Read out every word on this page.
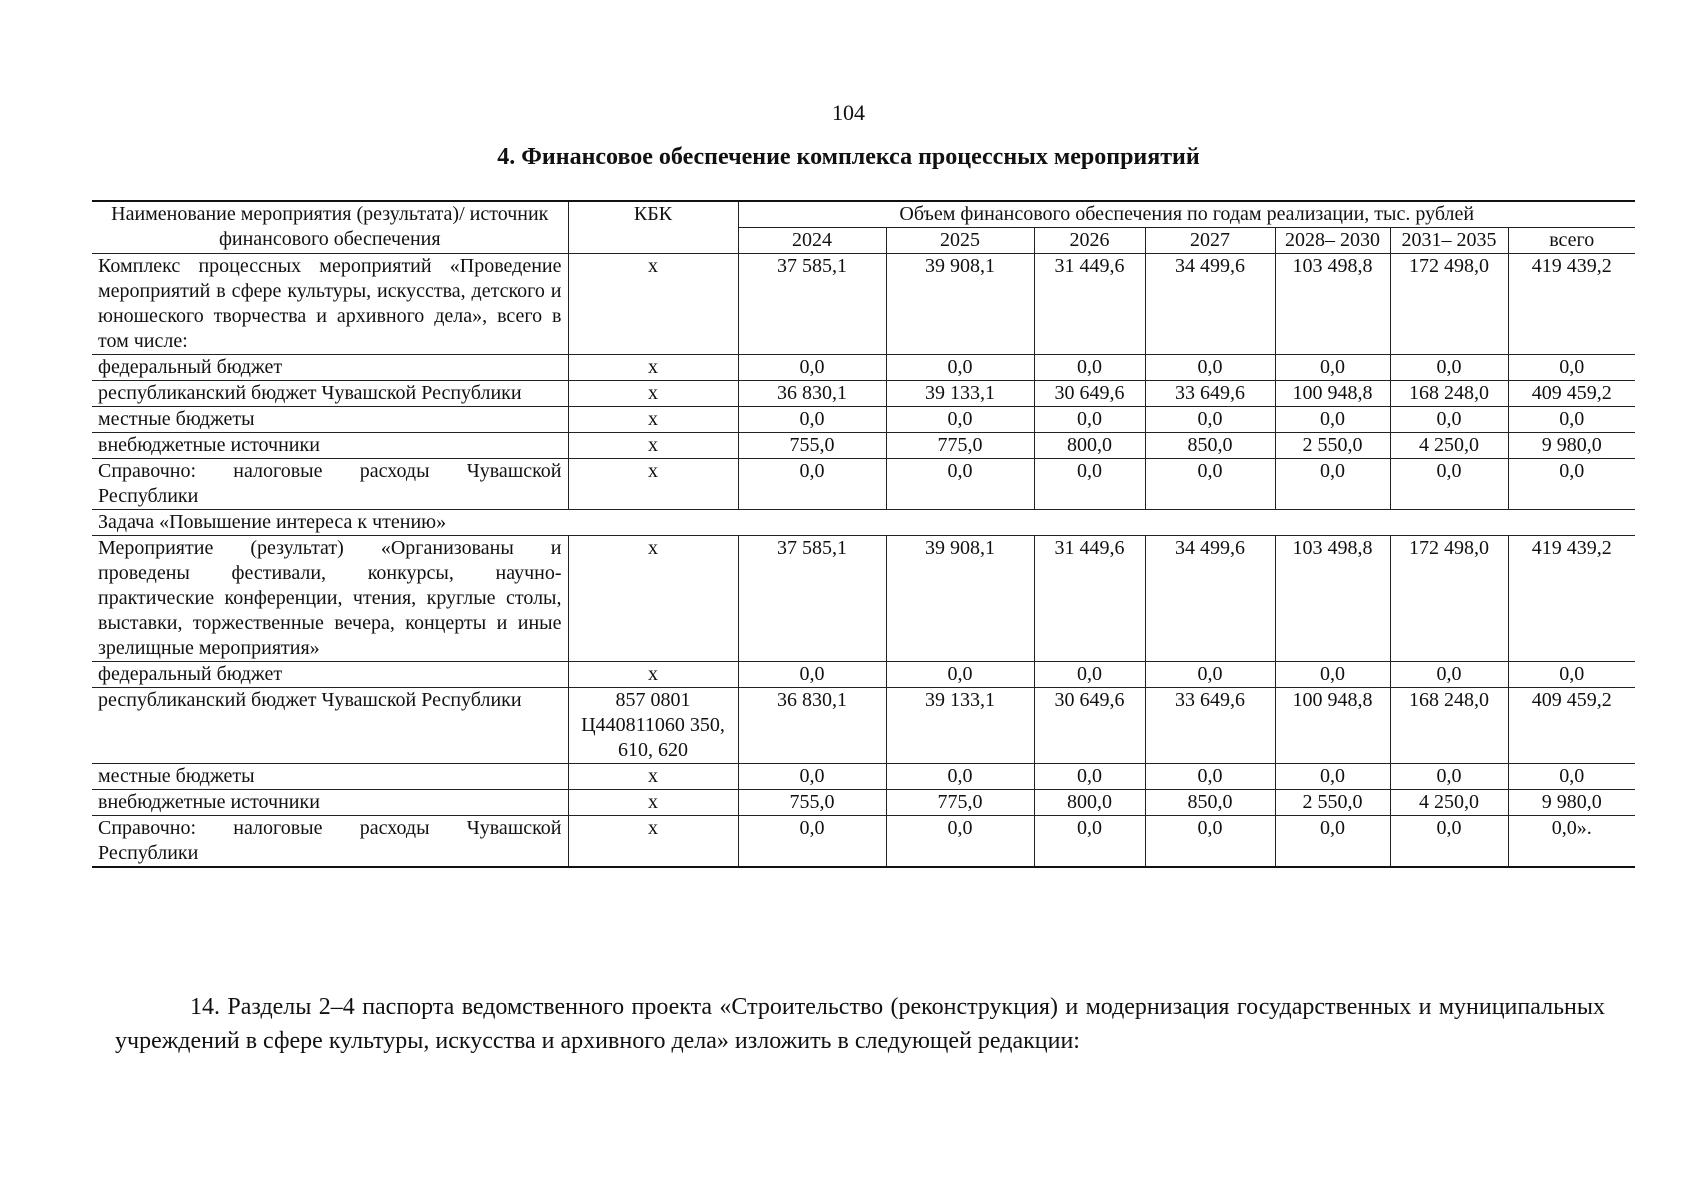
104
4. Финансовое обеспечение комплекса процессных мероприятий
Наименование мероприятия (результата)/ источник финансового обеспечения	КБК	Объем финансового обеспечения по годам реализации, тыс. рублей						
		2024	2025	2026	2027	2028– 2030	2031– 2035	всего
Комплекс процессных мероприятий «Проведение мероприятий в сфере культуры, искусства, детского и юношеского творчества и архивного дела», всего в том числе:	х	37 585,1	39 908,1	31 449,6	34 499,6	103 498,8	172 498,0	419 439,2
федеральный бюджет	х	0,0	0,0	0,0	0,0	0,0	0,0	0,0
республиканский бюджет Чувашской Республики	х	36 830,1	39 133,1	30 649,6	33 649,6	100 948,8	168 248,0	409 459,2
местные бюджеты	х	0,0	0,0	0,0	0,0	0,0	0,0	0,0
внебюджетные источники	х	755,0	775,0	800,0	850,0	2 550,0	4 250,0	9 980,0
Справочно: налоговые расходы Чувашской Республики	х	0,0	0,0	0,0	0,0	0,0	0,0	0,0
Задача «Повышение интереса к чтению»								
Мероприятие (результат) «Организованы и проведены фестивали, конкурсы, научно-практические конференции, чтения, круглые столы, выставки, торжественные вечера, концерты и иные зрелищные мероприятия»	х	37 585,1	39 908,1	31 449,6	34 499,6	103 498,8	172 498,0	419 439,2
федеральный бюджет	х	0,0	0,0	0,0	0,0	0,0	0,0	0,0
республиканский бюджет Чувашской Республики	857 0801 Ц440811060 350, 610, 620	36 830,1	39 133,1	30 649,6	33 649,6	100 948,8	168 248,0	409 459,2
местные бюджеты	х	0,0	0,0	0,0	0,0	0,0	0,0	0,0
внебюджетные источники	х	755,0	775,0	800,0	850,0	2 550,0	4 250,0	9 980,0
Справочно: налоговые расходы Чувашской Республики	х	0,0	0,0	0,0	0,0	0,0	0,0	0,0».
14. Разделы 2–4 паспорта ведомственного проекта «Строительство (реконструкция) и модернизация государственных и муниципальных учреждений в сфере культуры, искусства и архивного дела» изложить в следующей редакции:
